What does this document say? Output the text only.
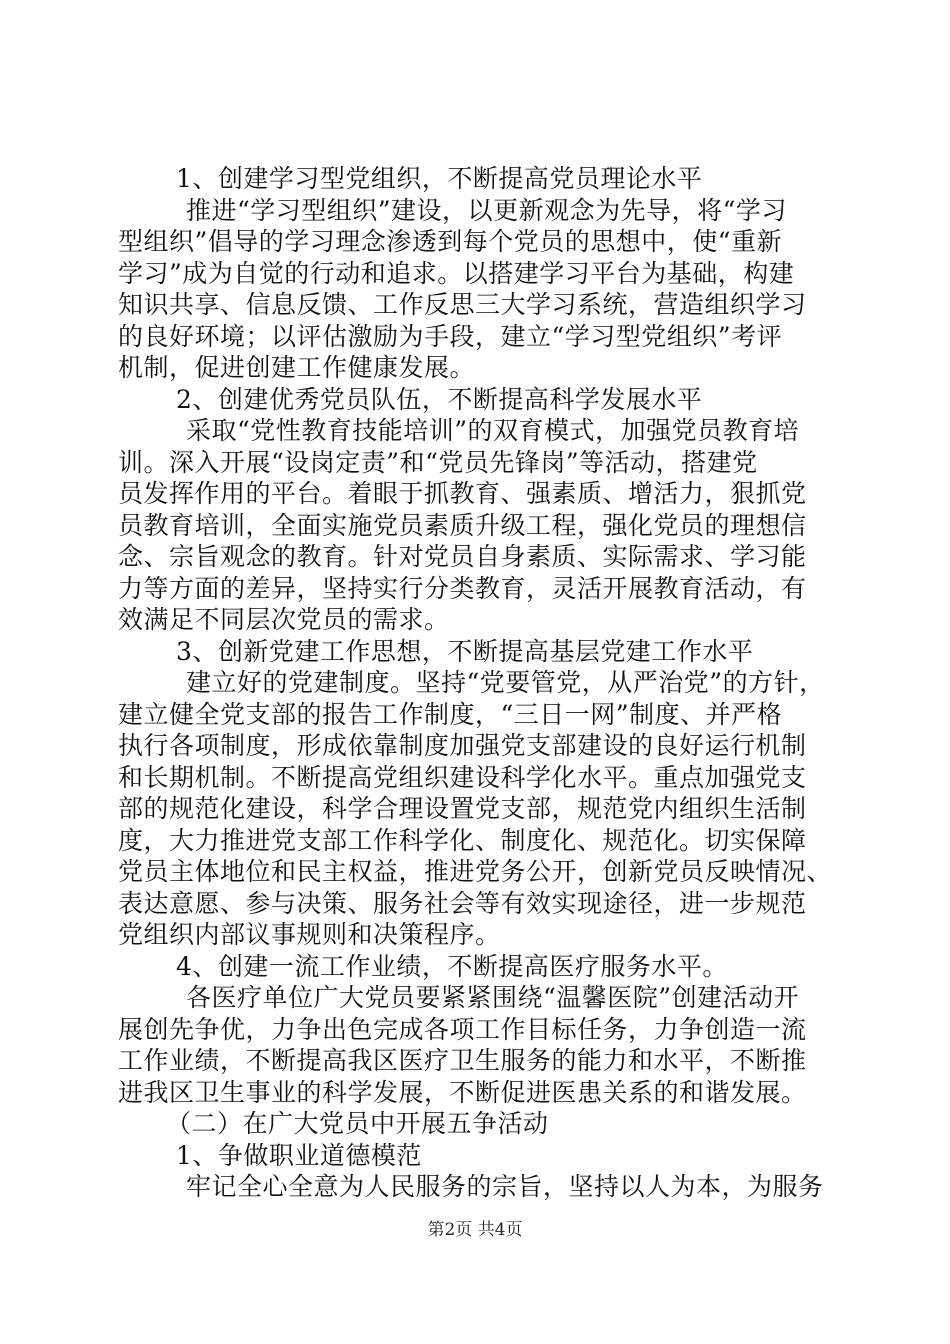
1、创建学习型党组织，不断提高党员理论水平
推进“学习型组织”建设，以更新观念为先导，将“学习
型组织”倡导的学习理念渗透到每个党员的思想中，使“重新
学习”成为自觉的行动和追求。以搭建学习平台为基础，构建
知识共享、信息反馈、工作反思三大学习系统，营造组织学习
的良好环境；以评估激励为手段，建立“学习型党组织”考评
机制，促进创建工作健康发展。
2、创建优秀党员队伍，不断提高科学发展水平
采取“党性教育技能培训”的双育模式，加强党员教育培
训。深入开展“设岗定责”和“党员先锋岗”等活动，搭建党
员发挥作用的平台。着眼于抓教育、强素质、增活力，狠抓党
员教育培训，全面实施党员素质升级工程，强化党员的理想信
念、宗旨观念的教育。针对党员自身素质、实际需求、学习能
力等方面的差异，坚持实行分类教育，灵活开展教育活动，有
效满足不同层次党员的需求。
3、创新党建工作思想，不断提高基层党建工作水平
建立好的党建制度。坚持“党要管党，从严治党”的方针，
建立健全党支部的报告工作制度，“三日一网”制度、并严格
执行各项制度，形成依靠制度加强党支部建设的良好运行机制
和长期机制。不断提高党组织建设科学化水平。重点加强党支
部的规范化建设，科学合理设置党支部，规范党内组织生活制
度，大力推进党支部工作科学化、制度化、规范化。切实保障
党员主体地位和民主权益，推进党务公开，创新党员反映情况、
表达意愿、参与决策、服务社会等有效实现途径，进一步规范
党组织内部议事规则和决策程序。
4、创建一流工作业绩，不断提高医疗服务水平。
各医疗单位广大党员要紧紧围绕“温馨医院”创建活动开
展创先争优，力争出色完成各项工作目标任务，力争创造一流
工作业绩，不断提高我区医疗卫生服务的能力和水平，不断推
进我区卫生事业的科学发展，不断促进医患关系的和谐发展。
（二）在广大党员中开展五争活动
1、争做职业道德模范
牢记全心全意为人民服务的宗旨，坚持以人为本，为服务
第2页 共4页
